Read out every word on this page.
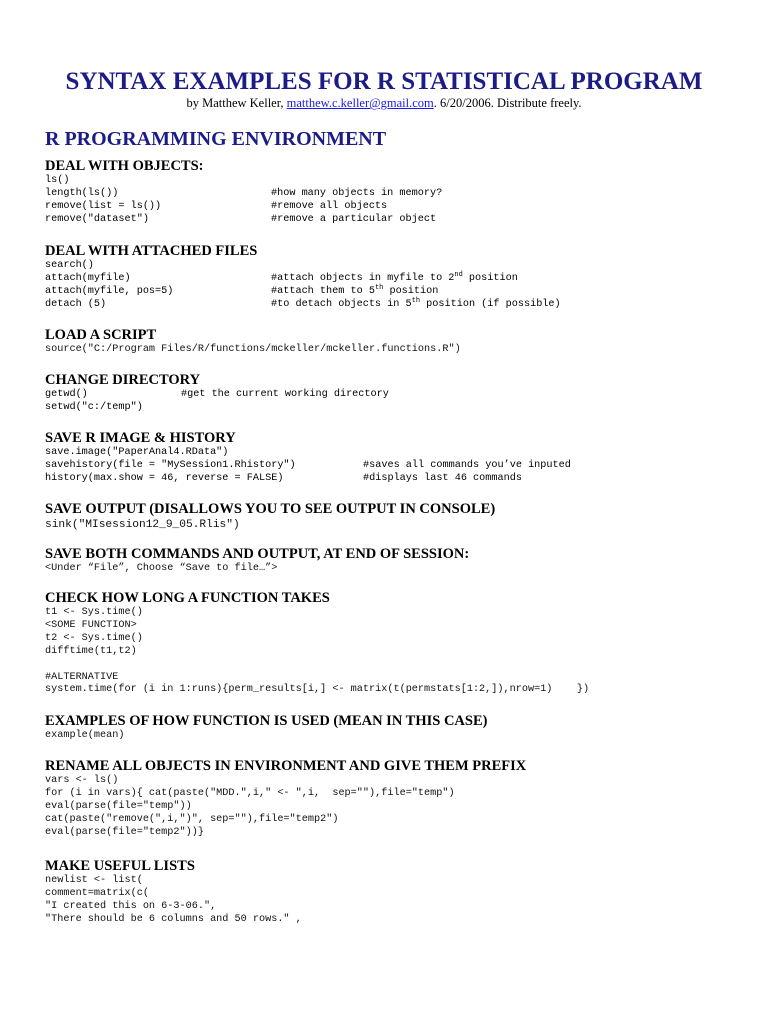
SYNTAX EXAMPLES FOR R STATISTICAL PROGRAM
by Matthew Keller, matthew.c.keller@gmail.com. 6/20/2006. Distribute freely.
R PROGRAMMING ENVIRONMENT
DEAL WITH OBJECTS:
ls()
length(ls())	#how many objects in memory?
remove(list = ls())	#remove all objects
remove("dataset")	#remove a particular object
DEAL WITH ATTACHED FILES
search()
attach(myfile)	#attach objects in myfile to 2nd position
attach(myfile, pos=5)	#attach them to 5th position
detach (5)	#to detach objects in 5th position (if possible)
LOAD A SCRIPT
source("C:/Program Files/R/functions/mckeller/mckeller.functions.R")
CHANGE DIRECTORY
getwd()	#get the current working directory
setwd("c:/temp")
SAVE R IMAGE & HISTORY
save.image("PaperAnal4.RData")
savehistory(file = "MySession1.Rhistory")	#saves all commands you’ve inputed
history(max.show = 46, reverse = FALSE)	#displays last 46 commands
SAVE OUTPUT (DISALLOWS YOU TO SEE OUTPUT IN CONSOLE)
sink("MIsession12_9_05.Rlis")
SAVE BOTH COMMANDS AND OUTPUT, AT END OF SESSION:
<Under “File”, Choose “Save to file…”>
CHECK HOW LONG A FUNCTION TAKES
t1 <- Sys.time()
<SOME FUNCTION>
t2 <- Sys.time()
difftime(t1,t2)

#ALTERNATIVE
system.time(for (i in 1:runs){perm_results[i,] <- matrix(t(permstats[1:2,]),nrow=1)    })
EXAMPLES OF HOW FUNCTION IS USED (MEAN IN THIS CASE)
example(mean)
RENAME ALL OBJECTS IN ENVIRONMENT AND GIVE THEM PREFIX
vars <- ls()
for (i in vars){ cat(paste("MDD.",i," <- ",i,  sep=""),file="temp")
eval(parse(file="temp"))
cat(paste("remove(",i,")", sep=""),file="temp2")
eval(parse(file="temp2"))}
MAKE USEFUL LISTS
newlist <- list(
comment=matrix(c(
"I created this on 6-3-06.",
"There should be 6 columns and 50 rows." ,
